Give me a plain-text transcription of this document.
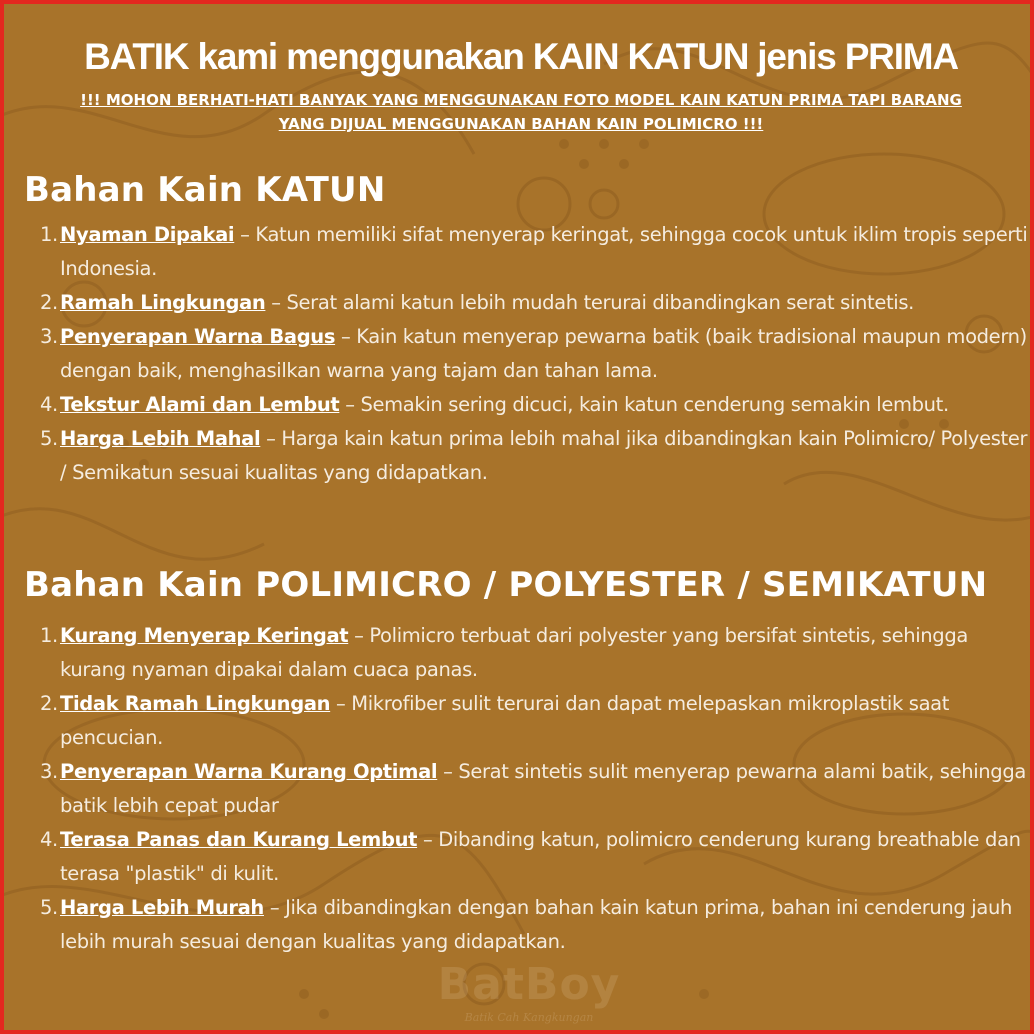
BATIK kami menggunakan KAIN KATUN jenis PRIMA
!!! MOHON BERHATI-HATI BANYAK YANG MENGGUNAKAN FOTO MODEL KAIN KATUN PRIMA TAPI BARANG YANG DIJUAL MENGGUNAKAN BAHAN KAIN POLIMICRO !!!
Bahan Kain KATUN
1. Nyaman Dipakai – Katun memiliki sifat menyerap keringat, sehingga cocok untuk iklim tropis seperti Indonesia.
2. Ramah Lingkungan – Serat alami katun lebih mudah terurai dibandingkan serat sintetis.
3. Penyerapan Warna Bagus – Kain katun menyerap pewarna batik (baik tradisional maupun modern) dengan baik, menghasilkan warna yang tajam dan tahan lama.
4. Tekstur Alami dan Lembut – Semakin sering dicuci, kain katun cenderung semakin lembut.
5. Harga Lebih Mahal – Harga kain katun prima lebih mahal jika dibandingkan kain Polimicro/ Polyester / Semikatun sesuai kualitas yang didapatkan.
Bahan Kain POLIMICRO / POLYESTER / SEMIKATUN
1. Kurang Menyerap Keringat – Polimicro terbuat dari polyester yang bersifat sintetis, sehingga kurang nyaman dipakai dalam cuaca panas.
2. Tidak Ramah Lingkungan – Mikrofiber sulit terurai dan dapat melepaskan mikroplastik saat pencucian.
3. Penyerapan Warna Kurang Optimal – Serat sintetis sulit menyerap pewarna alami batik, sehingga batik lebih cepat pudar
4. Terasa Panas dan Kurang Lembut – Dibanding katun, polimicro cenderung kurang breathable dan terasa "plastik" di kulit.
5. Harga Lebih Murah – Jika dibandingkan dengan bahan kain katun prima, bahan ini cenderung jauh lebih murah sesuai dengan kualitas yang didapatkan.
BatBoy
Batik Cah Kangkungan
